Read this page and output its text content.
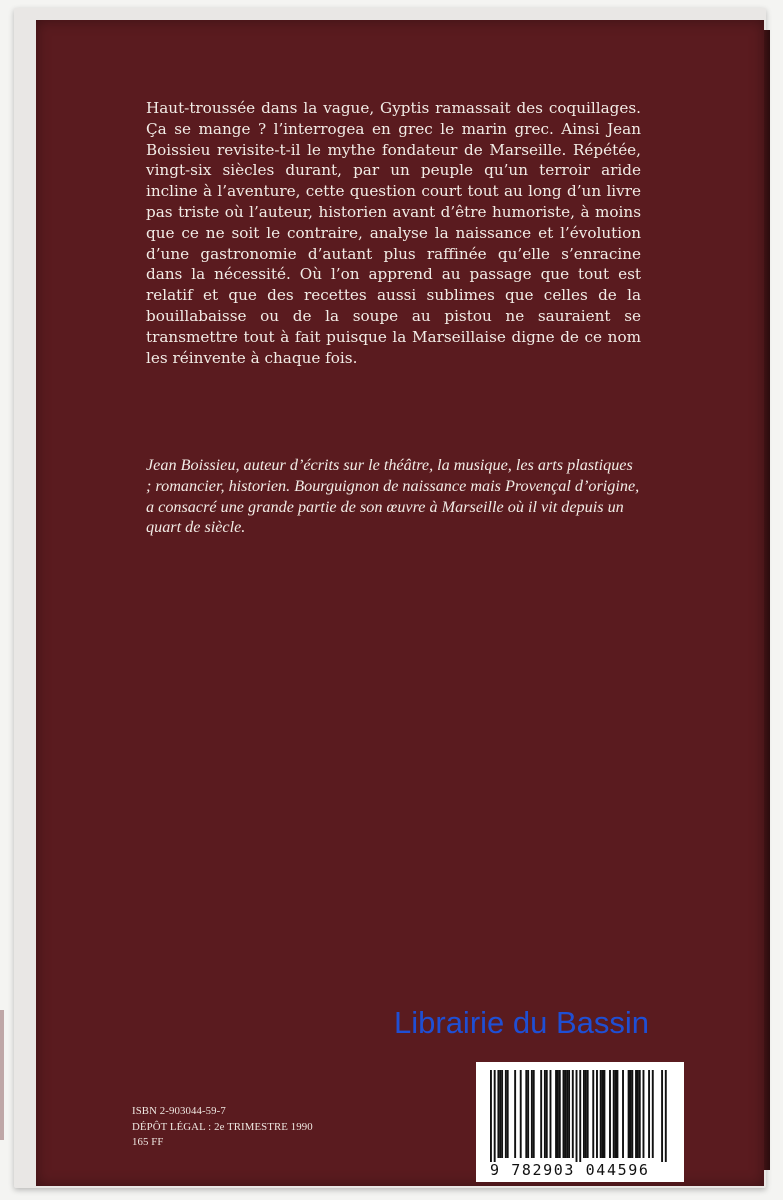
Haut-troussée dans la vague, Gyptis ramassait des coquillages. Ça se mange ? l’interrogea en grec le marin grec. Ainsi Jean Boissieu revisite-t-il le mythe fondateur de Marseille. Répétée, vingt-six siècles durant, par un peuple qu’un terroir aride incline à l’aventure, cette question court tout au long d’un livre pas triste où l’auteur, historien avant d’être humoriste, à moins que ce ne soit le contraire, analyse la naissance et l’évolution d’une gastronomie d’autant plus raffinée qu’elle s’enracine dans la nécessité. Où l’on apprend au passage que tout est relatif et que des recettes aussi sublimes que celles de la bouillabaisse ou de la soupe au pistou ne sauraient se transmettre tout à fait puisque la Marseillaise digne de ce nom les réinvente à chaque fois.

Jean Boissieu, auteur d’écrits sur le théâtre, la musique, les arts plastiques ; romancier, historien. Bourguignon de naissance mais Provençal d’origine, a consacré une grande partie de son œuvre à Marseille où il vit depuis un quart de siècle.

ISBN 2-903044-59-7
DÉPÔT LÉGAL : 2e TRIMESTRE 1990
165 FF
9 782903 044596
Librairie du Bassin
